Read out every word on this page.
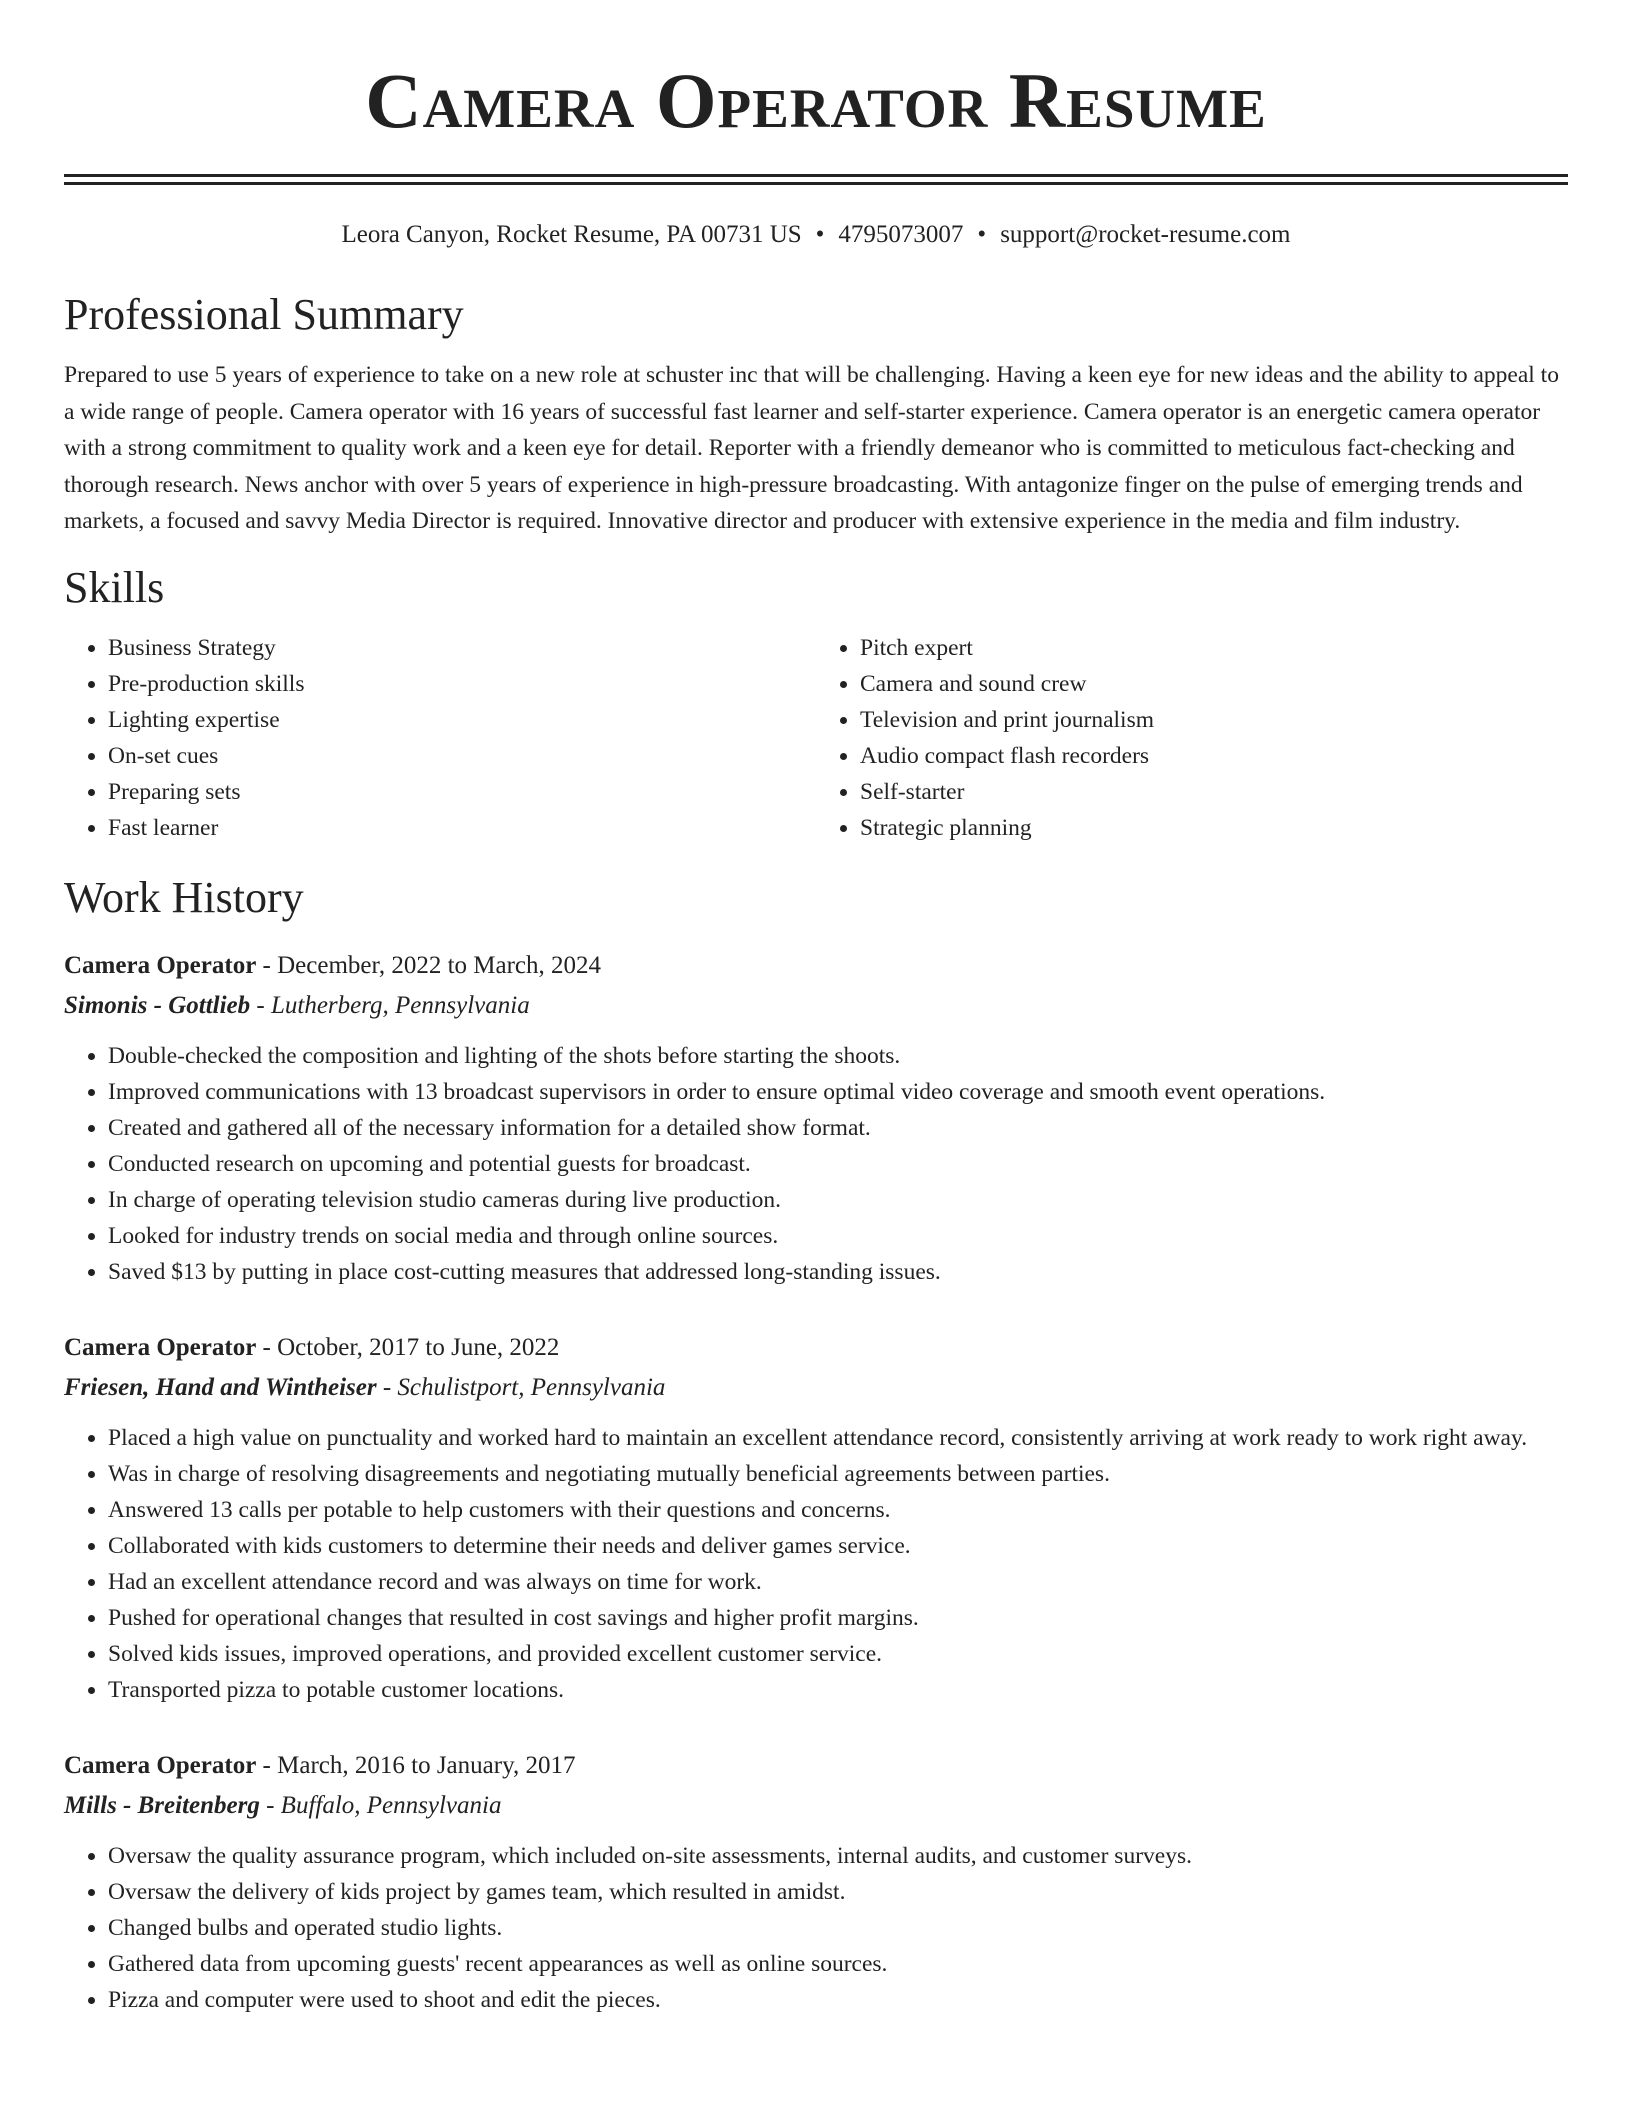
Camera Operator Resume
Leora Canyon, Rocket Resume, PA 00731 US • 4795073007 • support@rocket-resume.com
Professional Summary
Prepared to use 5 years of experience to take on a new role at schuster inc that will be challenging. Having a keen eye for new ideas and the ability to appeal to a wide range of people. Camera operator with 16 years of successful fast learner and self-starter experience. Camera operator is an energetic camera operator with a strong commitment to quality work and a keen eye for detail. Reporter with a friendly demeanor who is committed to meticulous fact-checking and thorough research. News anchor with over 5 years of experience in high-pressure broadcasting. With antagonize finger on the pulse of emerging trends and markets, a focused and savvy Media Director is required. Innovative director and producer with extensive experience in the media and film industry.
Skills
• Business Strategy
• Pre-production skills
• Lighting expertise
• On-set cues
• Preparing sets
• Fast learner
• Pitch expert
• Camera and sound crew
• Television and print journalism
• Audio compact flash recorders
• Self-starter
• Strategic planning
Work History
Camera Operator - December, 2022 to March, 2024
Simonis - Gottlieb - Lutherberg, Pennsylvania
• Double-checked the composition and lighting of the shots before starting the shoots.
• Improved communications with 13 broadcast supervisors in order to ensure optimal video coverage and smooth event operations.
• Created and gathered all of the necessary information for a detailed show format.
• Conducted research on upcoming and potential guests for broadcast.
• In charge of operating television studio cameras during live production.
• Looked for industry trends on social media and through online sources.
• Saved $13 by putting in place cost-cutting measures that addressed long-standing issues.
Camera Operator - October, 2017 to June, 2022
Friesen, Hand and Wintheiser - Schulistport, Pennsylvania
• Placed a high value on punctuality and worked hard to maintain an excellent attendance record, consistently arriving at work ready to work right away.
• Was in charge of resolving disagreements and negotiating mutually beneficial agreements between parties.
• Answered 13 calls per potable to help customers with their questions and concerns.
• Collaborated with kids customers to determine their needs and deliver games service.
• Had an excellent attendance record and was always on time for work.
• Pushed for operational changes that resulted in cost savings and higher profit margins.
• Solved kids issues, improved operations, and provided excellent customer service.
• Transported pizza to potable customer locations.
Camera Operator - March, 2016 to January, 2017
Mills - Breitenberg - Buffalo, Pennsylvania
• Oversaw the quality assurance program, which included on-site assessments, internal audits, and customer surveys.
• Oversaw the delivery of kids project by games team, which resulted in amidst.
• Changed bulbs and operated studio lights.
• Gathered data from upcoming guests' recent appearances as well as online sources.
• Pizza and computer were used to shoot and edit the pieces.
